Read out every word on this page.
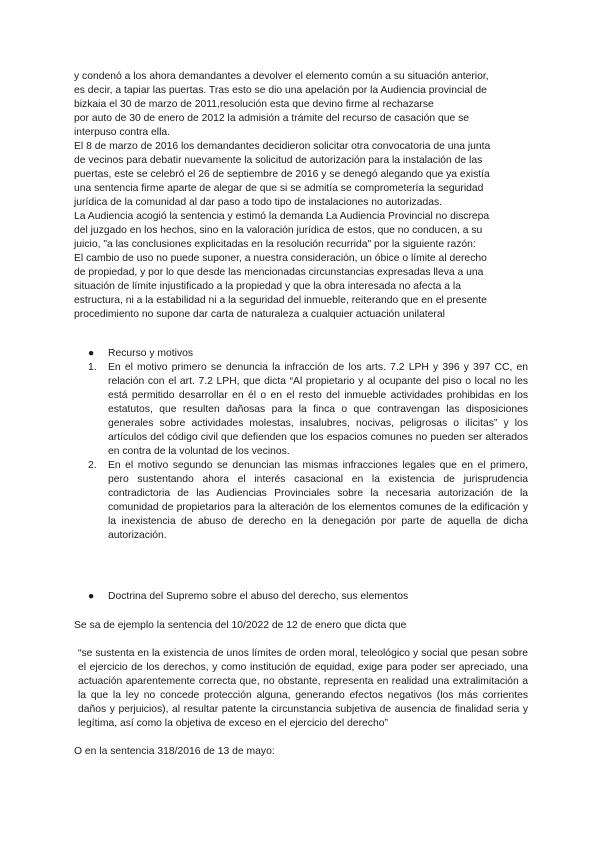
y condenó a los ahora demandantes a devolver el elemento común a su situación anterior,
es decir, a tapiar las puertas. Tras esto se dio una apelación por la Audiencia provincial de
bizkaia el 30 de marzo de 2011,resolución esta que devino firme al rechazarse
por auto de 30 de enero de 2012 la admisión a trámite del recurso de casación que se
interpuso contra ella.
El 8 de marzo de 2016 los demandantes decidieron solicitar otra convocatoria de una junta
de vecinos para debatir nuevamente la solicitud de autorización para la instalación de las
puertas, este se celebró el 26 de septiembre de 2016 y se denegó alegando que ya existía
una sentencia firme aparte de alegar de que si se admitía se comprometería la seguridad
jurídica de la comunidad al dar paso a todo tipo de instalaciones no autorizadas.
La Audiencia acogió la sentencia y estimó la demanda La Audiencia Provincial no discrepa
del juzgado en los hechos, sino en la valoración jurídica de estos, que no conducen, a su
juicio, "a las conclusiones explicitadas en la resolución recurrida" por la siguiente razón:
El cambio de uso no puede suponer, a nuestra consideración, un óbice o límite al derecho
de propiedad, y por lo que desde las mencionadas circunstancias expresadas lleva a una
situación de límite injustificado a la propiedad y que la obra interesada no afecta a la
estructura, ni a la estabilidad ni a la seguridad del inmueble, reiterando que en el presente
procedimiento no supone dar carta de naturaleza a cualquier actuación unilateral
● Recurso y motivos
1. En el motivo primero se denuncia la infracción de los arts. 7.2 LPH y 396 y 397 CC, en relación con el art. 7.2 LPH, que dicta “Al propietario y al ocupante del piso o local no les está permitido desarrollar en él o en el resto del inmueble actividades prohibidas en los estatutos, que resulten dañosas para la finca o que contravengan las disposiciones generales sobre actividades molestas, insalubres, nocivas, peligrosas o ilícitas” y los artículos del código civil que defienden que los espacios comunes no pueden ser alterados en contra de la voluntad de los vecinos.
2. En el motivo segundo se denuncian las mismas infracciones legales que en el primero, pero sustentando ahora el interés casacional en la existencia de jurisprudencia contradictoria de las Audiencias Provinciales sobre la necesaria autorización de la comunidad de propietarios para la alteración de los elementos comunes de la edificación y la inexistencia de abuso de derecho en la denegación por parte de aquella de dicha autorización.
● Doctrina del Supremo sobre el abuso del derecho, sus elementos

Se sa de ejemplo la sentencia del 10/2022 de 12 de enero que dicta que

“se sustenta en la existencia de unos límites de orden moral, teleológico y social que pesan sobre el ejercicio de los derechos, y como institución de equidad, exige para poder ser apreciado, una actuación aparentemente correcta que, no obstante, representa en realidad una extralimitación a la que la ley no concede protección alguna, generando efectos negativos (los más corrientes daños y perjuicios), al resultar patente la circunstancia subjetiva de ausencia de finalidad seria y legítima, así como la objetiva de exceso en el ejercicio del derecho”

O en la sentencia 318/2016 de 13 de mayo:
